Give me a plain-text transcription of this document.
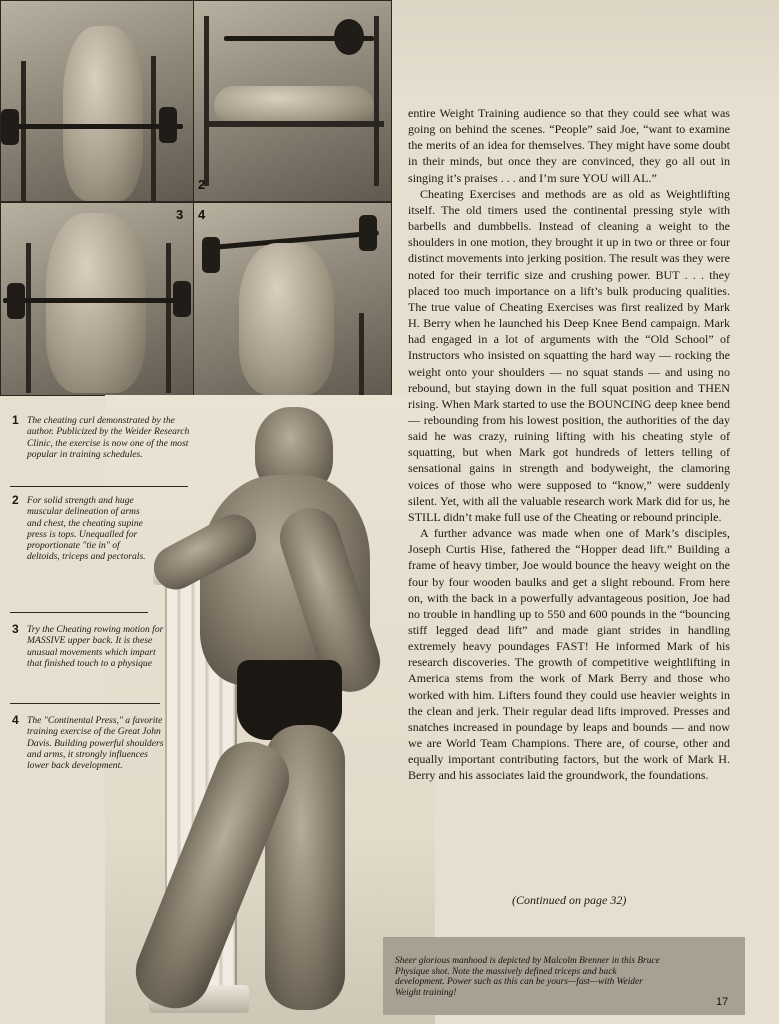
2
3 4
1 The cheating curl demonstrated by the author. Publicized by the Weider Research Clinic, the exercise is now one of the most popular in training schedules.
2 For solid strength and huge muscular delineation of arms and chest, the cheating supine press is tops. Unequalled for proportionate "tie in" of deltoids, triceps and pectorals.
3 Try the Cheating rowing motion for MASSIVE upper back. It is these unusual movements which impart that finished touch to a physique
4 The "Continental Press," a favorite training exercise of the Great John Davis. Building powerful shoulders and arms, it strongly influences lower back development.

entire Weight Training audience so that they could see what was going on behind the scenes. “People” said Joe, “want to examine the merits of an idea for themselves. They might have some doubt in their minds, but once they are convinced, they go all out in singing it’s praises . . . and I’m sure YOU will AL.”

Cheating Exercises and methods are as old as Weightlifting itself. The old timers used the continental pressing style with barbells and dumbbells. Instead of cleaning a weight to the shoulders in one motion, they brought it up in two or three or four distinct movements into jerking position. The result was they were noted for their terrific size and crushing power. BUT . . . they placed too much importance on a lift’s bulk producing qualities. The true value of Cheating Exercises was first realized by Mark H. Berry when he launched his Deep Knee Bend campaign. Mark had engaged in a lot of arguments with the “Old School” of Instructors who insisted on squatting the hard way — rocking the weight onto your shoulders — no squat stands — and using no rebound, but staying down in the full squat position and THEN rising. When Mark started to use the BOUNCING deep knee bend — rebounding from his lowest position, the authorities of the day said he was crazy, ruining lifting with his cheating style of squatting, but when Mark got hundreds of letters telling of sensational gains in strength and bodyweight, the clamoring voices of those who were supposed to “know,” were suddenly silent. Yet, with all the valuable research work Mark did for us, he STILL didn’t make full use of the Cheating or rebound principle.

A further advance was made when one of Mark’s disciples, Joseph Curtis Hise, fathered the “Hopper dead lift.” Building a frame of heavy timber, Joe would bounce the heavy weight on the four by four wooden baulks and get a slight rebound. From here on, with the back in a powerfully advantageous position, Joe had no trouble in handling up to 550 and 600 pounds in the “bouncing stiff legged dead lift” and made giant strides in handling extremely heavy poundages FAST! He informed Mark of his research discoveries. The growth of competitive weightlifting in America stems from the work of Mark Berry and those who worked with him. Lifters found they could use heavier weights in the clean and jerk. Their regular dead lifts improved. Presses and snatches increased in poundage by leaps and bounds — and now we are World Team Champions. There are, of course, other and equally important contributing factors, but the work of Mark H. Berry and his associates laid the groundwork, the foundations.

(Continued on page 32)
Sheer glorious manhood is depicted by Malcolm Brenner in this Bruce Physique shot. Note the massively defined triceps and back development. Power such as this can be yours—fast—with Weider Weight training!
17
